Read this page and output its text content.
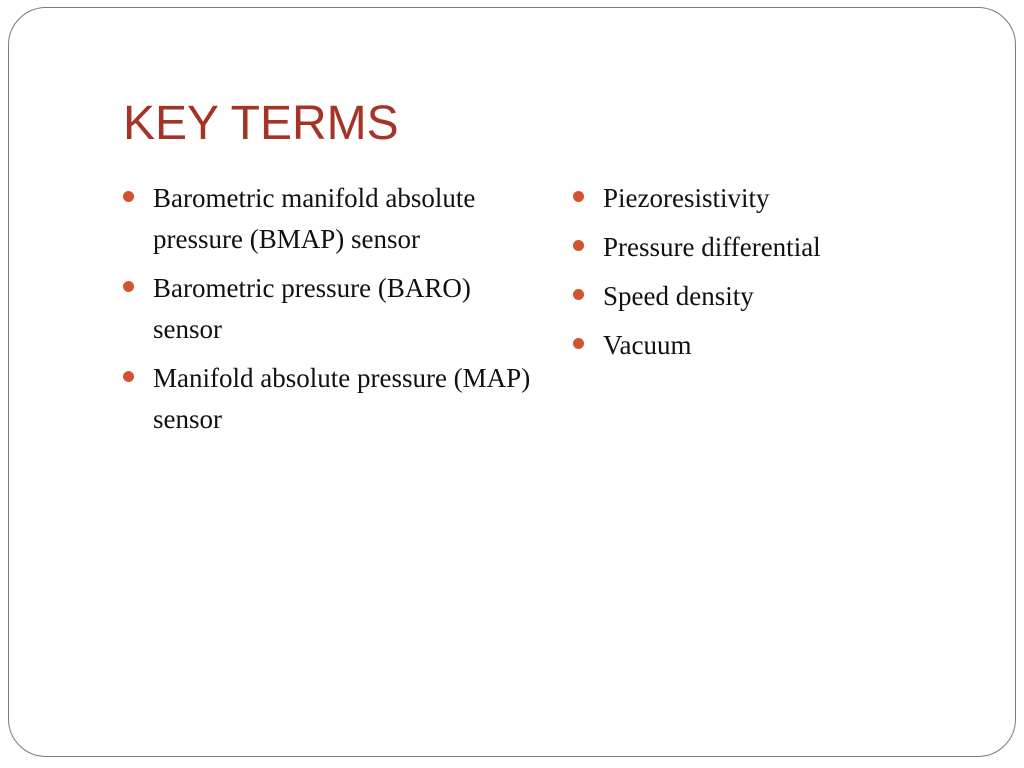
KEY TERMS
Barometric manifold absolute pressure (BMAP) sensor
Barometric pressure (BARO) sensor
Manifold absolute pressure (MAP) sensor
Piezoresistivity
Pressure differential
Speed density
Vacuum
